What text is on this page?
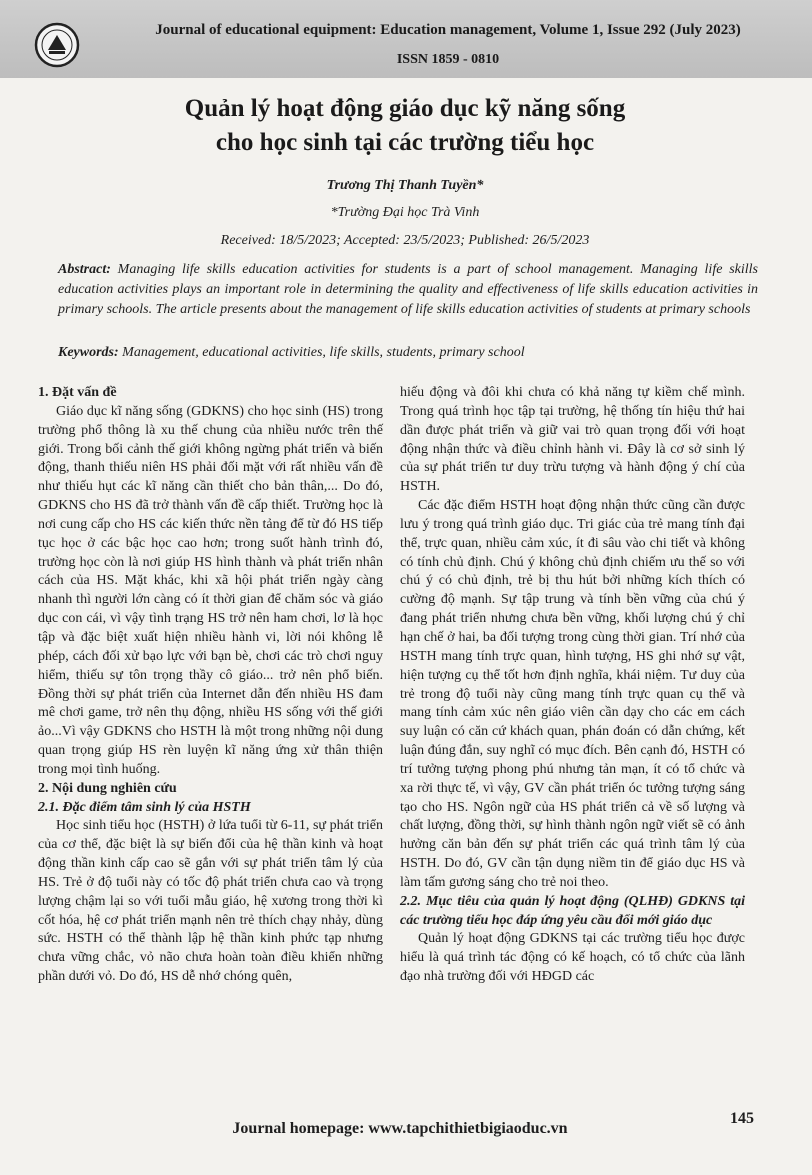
Journal of educational equipment: Education management, Volume 1, Issue 292 (July 2023)
ISSN 1859 - 0810
Quản lý hoạt động giáo dục kỹ năng sống
cho học sinh tại các trường tiểu học
Trương Thị Thanh Tuyền*
*Trường Đại học Trà Vinh
Received: 18/5/2023; Accepted: 23/5/2023; Published: 26/5/2023
Abstract: Managing life skills education activities for students is a part of school management. Managing life skills education activities plays an important role in determining the quality and effectiveness of life skills education activities in primary schools. The article presents about the management of life skills education activities of students at primary schools
Keywords: Management, educational activities, life skills, students, primary school

1. Đặt vấn đề

Giáo dục kĩ năng sống (GDKNS) cho học sinh (HS) trong trường phổ thông là xu thế chung của nhiều nước trên thế giới. Trong bối cảnh thế giới không ngừng phát triển và biến động, thanh thiếu niên HS phải đối mặt với rất nhiều vấn đề như thiếu hụt các kĩ năng cần thiết cho bản thân,... Do đó, GDKNS cho HS đã trở thành vấn đề cấp thiết. Trường học là nơi cung cấp cho HS các kiến thức nền tảng để từ đó HS tiếp tục học ở các bậc học cao hơn; trong suốt hành trình đó, trường học còn là nơi giúp HS hình thành và phát triển nhân cách của HS. Mặt khác, khi xã hội phát triển ngày càng nhanh thì người lớn càng có ít thời gian để chăm sóc và giáo dục con cái, vì vậy tình trạng HS trở nên ham chơi, lơ là học tập và đặc biệt xuất hiện nhiều hành vi, lời nói không lễ phép, cách đối xử bạo lực với bạn bè, chơi các trò chơi nguy hiểm, thiếu sự tôn trọng thầy cô giáo... trở nên phổ biến. Đồng thời sự phát triển của Internet dẫn đến nhiều HS đam mê chơi game, trở nên thụ động, nhiều HS sống với thế giới ảo...Vì vậy GDKNS cho HSTH là một trong những nội dung quan trọng giúp HS rèn luyện kĩ năng ứng xử thân thiện trong mọi tình huống.

2. Nội dung nghiên cứu

2.1. Đặc điểm tâm sinh lý của HSTH

Học sinh tiểu học (HSTH) ở lứa tuổi từ 6-11, sự phát triển của cơ thể, đặc biệt là sự biến đổi của hệ thần kinh và hoạt động thần kinh cấp cao sẽ gắn với sự phát triển tâm lý của HS. Trẻ ở độ tuổi này có tốc độ phát triển chưa cao và trọng lượng chậm lại so với tuổi mẫu giáo, hệ xương trong thời kì cốt hóa, hệ cơ phát triển mạnh nên trẻ thích chạy nhảy, dùng sức. HSTH có thể thành lập hệ thần kinh phức tạp nhưng chưa vững chắc, vỏ não chưa hoàn toàn điều khiển những phần dưới vỏ. Do đó, HS dễ nhớ chóng quên,

hiếu động và đôi khi chưa có khả năng tự kiềm chế mình. Trong quá trình học tập tại trường, hệ thống tín hiệu thứ hai dần được phát triển và giữ vai trò quan trọng đối với hoạt động nhận thức và điều chỉnh hành vi. Đây là cơ sở sinh lý của sự phát triển tư duy trừu tượng và hành động ý chí của HSTH.

Các đặc điểm HSTH hoạt động nhận thức cũng cần được lưu ý trong quá trình giáo dục. Tri giác của trẻ mang tính đại thể, trực quan, nhiều cảm xúc, ít đi sâu vào chi tiết và không có tính chủ định. Chú ý không chủ định chiếm ưu thế so với chú ý có chủ định, trẻ bị thu hút bởi những kích thích có cường độ mạnh. Sự tập trung và tính bền vững của chú ý đang phát triển nhưng chưa bền vững, khối lượng chú ý chỉ hạn chế ở hai, ba đối tượng trong cùng thời gian. Trí nhớ của HSTH mang tính trực quan, hình tượng, HS ghi nhớ sự vật, hiện tượng cụ thể tốt hơn định nghĩa, khái niệm. Tư duy của trẻ trong độ tuổi này cũng mang tính trực quan cụ thể và mang tính cảm xúc nên giáo viên cần dạy cho các em cách suy luận có căn cứ khách quan, phán đoán có dẫn chứng, kết luận đúng đắn, suy nghĩ có mục đích. Bên cạnh đó, HSTH có trí tưởng tượng phong phú nhưng tản mạn, ít có tổ chức và xa rời thực tế, vì vậy, GV cần phát triển óc tưởng tượng sáng tạo cho HS. Ngôn ngữ của HS phát triển cả về số lượng và chất lượng, đồng thời, sự hình thành ngôn ngữ viết sẽ có ảnh hưởng căn bản đến sự phát triển các quá trình tâm lý của HSTH. Do đó, GV cần tận dụng niềm tin để giáo dục HS và làm tấm gương sáng cho trẻ noi theo.

2.2. Mục tiêu của quản lý hoạt động (QLHĐ) GDKNS tại các trường tiểu học đáp ứng yêu cầu đổi mới giáo dục

Quản lý hoạt động GDKNS tại các trường tiểu học được hiểu là quá trình tác động có kế hoạch, có tổ chức của lãnh đạo nhà trường đối với HĐGD các

Journal homepage: www.tapchithietbigiaoduc.vn
145
